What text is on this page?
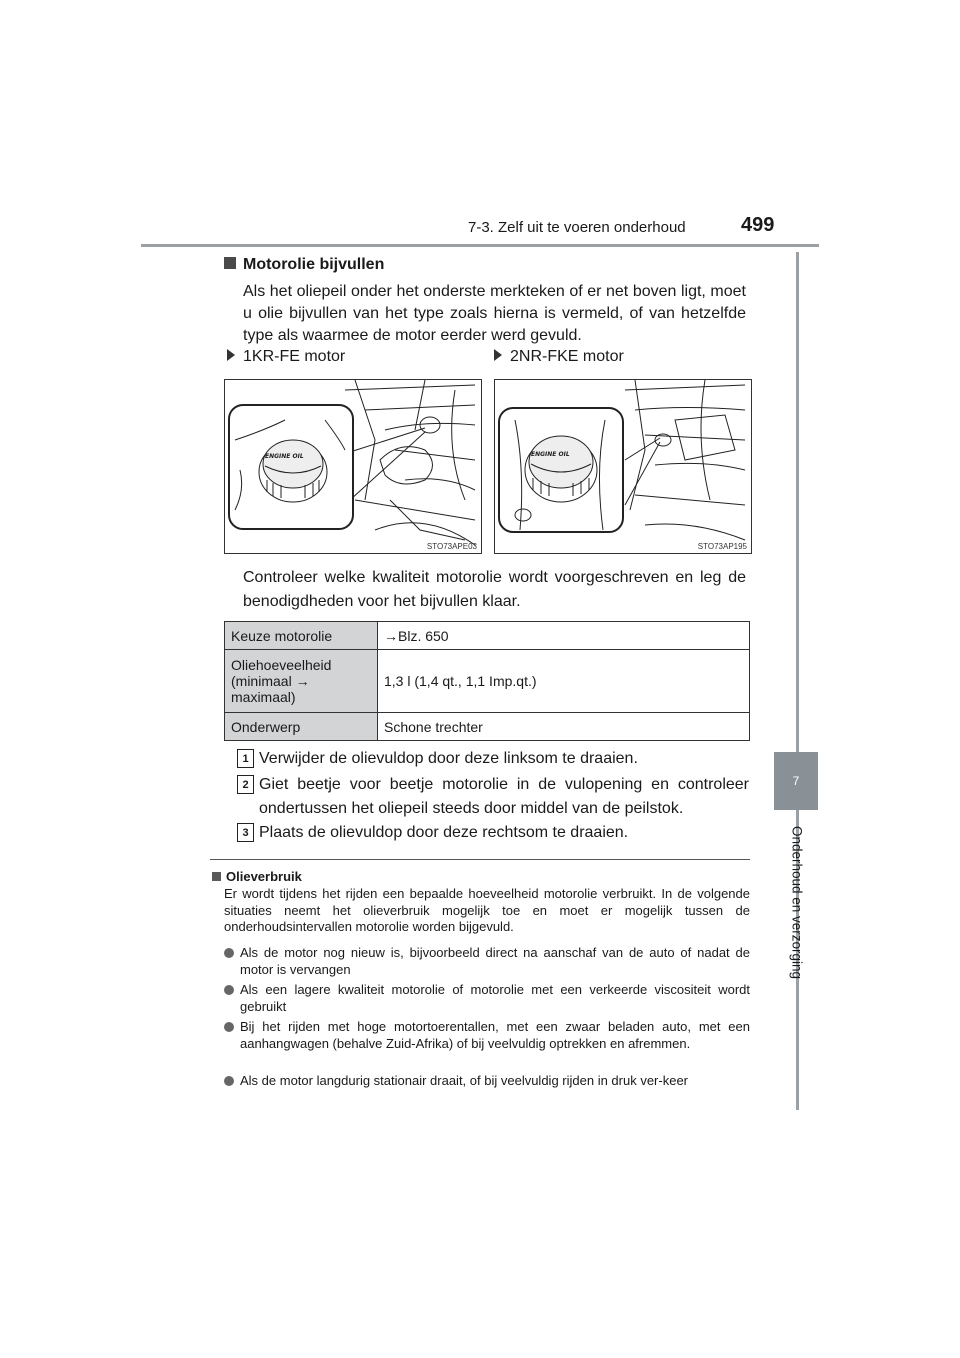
7-3. Zelf uit te voeren onderhoud	499
7
Onderhoud en verzorging
Motorolie bijvullen
Als het oliepeil onder het onderste merkteken of er net boven ligt, moet u olie bijvullen van het type zoals hierna is vermeld, of van hetzelfde type als waarmee de motor eerder werd gevuld.
1KR-FE motor	2NR-FKE motor
ENGINE OIL
STO73APE03
ENGINE OIL
STO73AP195
Controleer welke kwaliteit motorolie wordt voorgeschreven en leg de benodigdheden voor het bijvullen klaar.
Keuze motorolie	→Blz. 650
Oliehoeveelheid (minimaal → maximaal)	1,3 l (1,4 qt., 1,1 Imp.qt.)
Onderwerp	Schone trechter
1 Verwijder de olievuldop door deze linksom te draaien.
2 Giet beetje voor beetje motorolie in de vulopening en controleer ondertussen het oliepeil steeds door middel van de peilstok.
3 Plaats de olievuldop door deze rechtsom te draaien.
Olieverbruik
Er wordt tijdens het rijden een bepaalde hoeveelheid motorolie verbruikt. In de volgende situaties neemt het olieverbruik mogelijk toe en moet er mogelijk tussen de onderhoudsintervallen motorolie worden bijgevuld.
Als de motor nog nieuw is, bijvoorbeeld direct na aanschaf van de auto of nadat de motor is vervangen
Als een lagere kwaliteit motorolie of motorolie met een verkeerde viscositeit wordt gebruikt
Bij het rijden met hoge motortoerentallen, met een zwaar beladen auto, met een aanhangwagen (behalve Zuid-Afrika) of bij veelvuldig optrekken en afremmen.
Als de motor langdurig stationair draait, of bij veelvuldig rijden in druk ver-keer
